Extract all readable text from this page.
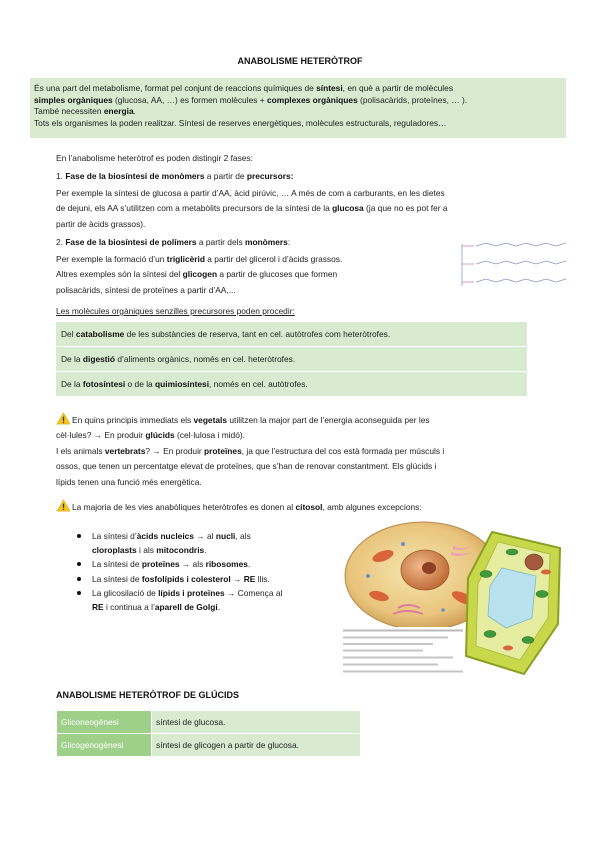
ANABOLISME HETERÒTROF

És una part del metabolisme, format pel conjunt de reaccions químiques de síntesi, en què a partir de molècules

simples orgàniques (glucosa, AA, …) es formen molècules + complexes orgàniques (polisacàrids, proteïnes, … ).

També necessiten energia.

Tots els organismes la poden realitzar. Síntesi de reserves energètiques, molècules estructurals, reguladores…

En l’anabolisme heteròtrof es poden distingir 2 fases:

1. Fase de la biosíntesi de monòmers a partir de precursors:

Per exemple la síntesi de glucosa a partir d’AA, àcid pirúvic, … A més de com a carburants, en les dietes

de dejuni, els AA s’utilitzen com a metabòlits precursors de la síntesi de la glucosa (ja que no es pot fer a

partir de àcids grassos).

2. Fase de la biosíntesi de polímers a partir dels monòmers:

Per exemple la formació d’un triglicèrid a partir del glicerol i d’àcids grassos.

Altres exemples són la síntesi del glicogen a partir de glucoses que formen

polisacàrids, síntesi de proteïnes a partir d’AA,...

Les molècules orgàniques senzilles precursores poden procedir:

Del catabolisme de les substàncies de reserva, tant en cel. autòtrofes com heteròtrofes.
De la digestió d’aliments orgànics, només en cel. heteròtrofes.
De la fotosíntesi o de la quimiosíntesi, només en cel. autòtrofes.

En quins principis immediats els vegetals utilitzen la major part de l’energia aconseguida per les

cèl·lules? → En produir glúcids (cel·lulosa i midó).

I els animals vertebrats? → En produir proteïnes, ja que l’estructura del cos està formada per músculs i

ossos, que tenen un percentatge elevat de proteïnes, que s’han de renovar constantment. Els glúcids i

lípids tenen una funció més energètica.

La majoria de les vies anabòliques heteròtrofes es donen al citosol, amb algunes excepcions:

La síntesi d’àcids nucleics → al nucli, als
cloroplasts i als mitocondris.
La síntesi de proteïnes → als ribosomes.
La síntesi de fosfolípids i colesterol → RE llis.
La glicosilació de lípids i proteïnes → Comença al
RE i continua a l’aparell de Golgi.

ANABOLISME HETERÒTROF DE GLÚCIDS

Gliconeogènesi	síntesi de glucosa.
Glicogenogènesi	síntesi de glicogen a partir de glucosa.
